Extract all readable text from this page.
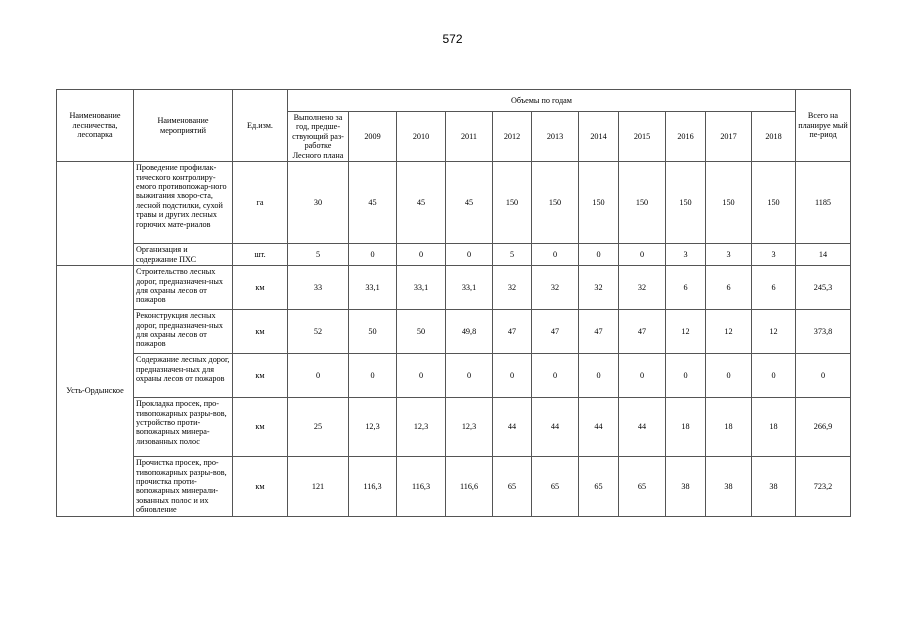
572
Наименование лесничества, лесопарка	Наименование мероприятий	Ед.изм.	Объемы по годам											Всего на планируе мый пе-риод
			Выполнено за год, предше-ствующий раз-работке Лесного плана	2009	2010	2011	2012	2013	2014	2015	2016	2017	2018	
	Проведение профилак-тического контролиру-емого противопожар-ного выжигания хворо-ста, лесной подстилки, сухой травы и других лесных горючих мате-риалов	га	30	45	45	45	150	150	150	150	150	150	150	1185
	Организация и содержание ПХС	шт.	5	0	0	0	5	0	0	0	3	3	3	14
Усть-Ордынское	Строительство лесных дорог, предназначен-ных для охраны лесов от пожаров	км	33	33,1	33,1	33,1	32	32	32	32	6	6	6	245,3
	Реконструкция лесных дорог, предназначен-ных для охраны лесов от пожаров	км	52	50	50	49,8	47	47	47	47	12	12	12	373,8
	Содержание лесных дорог, предназначен-ных для охраны лесов от пожаров	км	0	0	0	0	0	0	0	0	0	0	0	0
	Прокладка просек, про-тивопожарных разры-вов, устройство проти-вопожарных минера-лизованных полос	км	25	12,3	12,3	12,3	44	44	44	44	18	18	18	266,9
	Прочистка просек, про-тивопожарных разры-вов, прочистка проти-вопожарных минерали-зованных полос и их обновление	км	121	116,3	116,3	116,6	65	65	65	65	38	38	38	723,2
